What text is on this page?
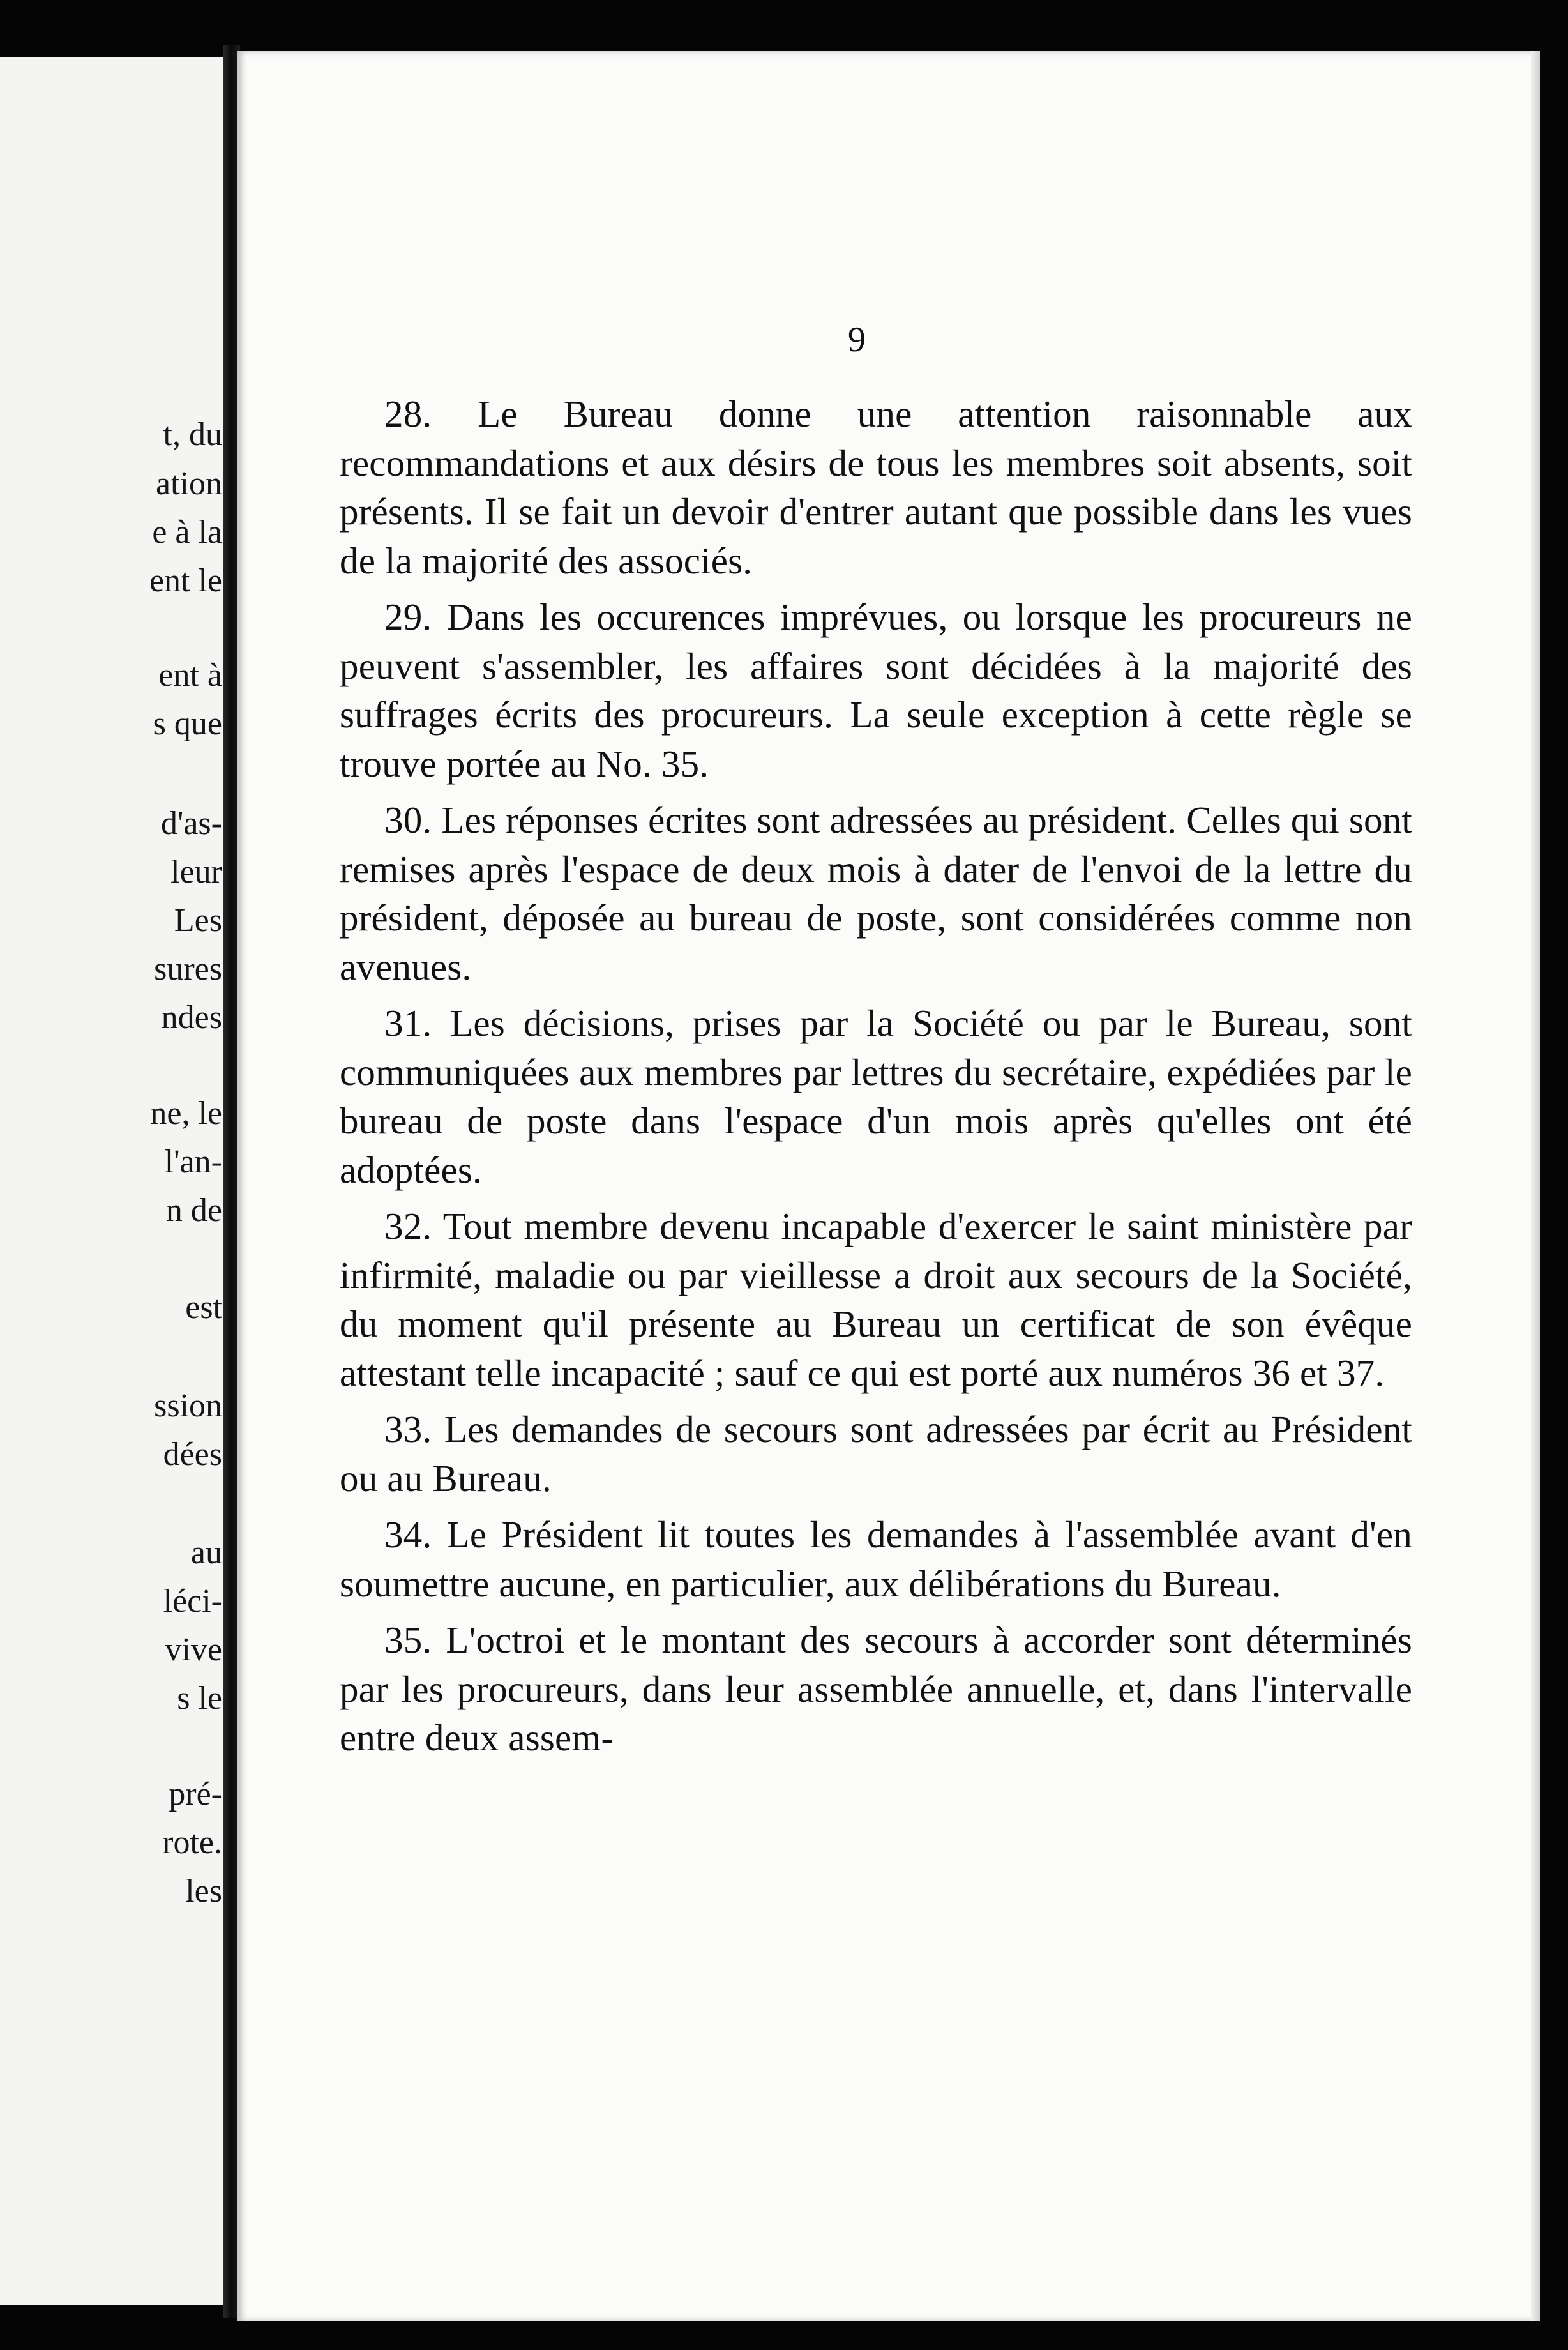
t, du
ation
e à la
ent le
ent à
s que
d'as-
leur
Les
sures
ndes
ne, le
l'an-
n de
est
ssion
dées
au
léci-
vive
s le
pré-
rote.
les
9

28. Le Bureau donne une attention raisonnable aux recommandations et aux désirs de tous les membres soit absents, soit présents. Il se fait un devoir d'entrer autant que possible dans les vues de la majorité des associés.

29. Dans les occurences imprévues, ou lorsque les procureurs ne peuvent s'assembler, les affaires sont décidées à la majorité des suffrages écrits des procureurs. La seule exception à cette règle se trouve portée au No. 35.

30. Les réponses écrites sont adressées au président. Celles qui sont remises après l'espace de deux mois à dater de l'envoi de la lettre du président, déposée au bureau de poste, sont considérées comme non avenues.

31. Les décisions, prises par la Société ou par le Bureau, sont communiquées aux membres par lettres du secrétaire, expédiées par le bureau de poste dans l'espace d'un mois après qu'elles ont été adoptées.

32. Tout membre devenu incapable d'exercer le saint ministère par infirmité, maladie ou par vieillesse a droit aux secours de la Société, du moment qu'il présente au Bureau un certificat de son évêque attestant telle incapacité ; sauf ce qui est porté aux numéros 36 et 37.

33. Les demandes de secours sont adressées par écrit au Président ou au Bureau.

34. Le Président lit toutes les demandes à l'assemblée avant d'en soumettre aucune, en particulier, aux délibérations du Bureau.

35. L'octroi et le montant des secours à accorder sont déterminés par les procureurs, dans leur assemblée annuelle, et, dans l'intervalle entre deux assem-
